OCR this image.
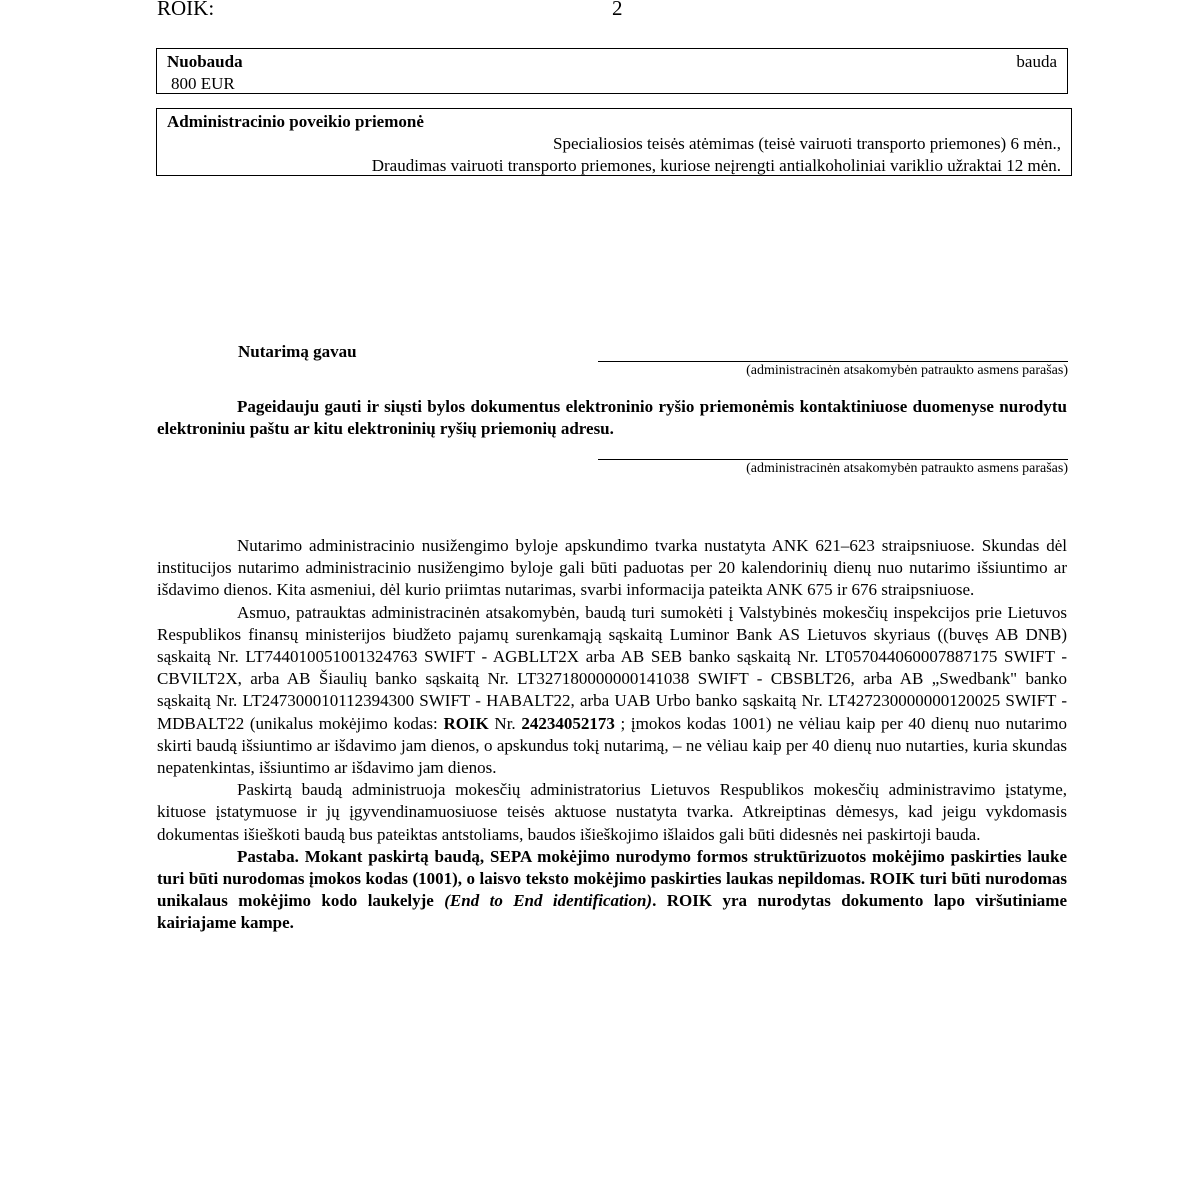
ROIK:	2
Nuobauda	bauda
800 EUR
Administracinio poveikio priemonė
Specialiosios teisės atėmimas (teisė vairuoti transporto priemones) 6 mėn.,
Draudimas vairuoti transporto priemones, kuriose neįrengti antialkoholiniai variklio užraktai 12 mėn.
Nutarimą gavau
(administracinėn atsakomybėn patraukto asmens parašas)

Pageidauju gauti ir siųsti bylos dokumentus elektroninio ryšio priemonėmis kontaktiniuose duomenyse nurodytu elektroniniu paštu ar kitu elektroninių ryšių priemonių adresu.

(administracinėn atsakomybėn patraukto asmens parašas)

Nutarimo administracinio nusižengimo byloje apskundimo tvarka nustatyta ANK 621–623 straipsniuose. Skundas dėl institucijos nutarimo administracinio nusižengimo byloje gali būti paduotas per 20 kalendorinių dienų nuo nutarimo išsiuntimo ar išdavimo dienos. Kita asmeniui, dėl kurio priimtas nutarimas, svarbi informacija pateikta ANK 675 ir 676 straipsniuose.

Asmuo, patrauktas administracinėn atsakomybėn, baudą turi sumokėti į Valstybinės mokesčių inspekcijos prie Lietuvos Respublikos finansų ministerijos biudžeto pajamų surenkamąją sąskaitą Luminor Bank AS Lietuvos skyriaus ((buvęs AB DNB) sąskaitą Nr. LT744010051001324763 SWIFT - AGBLLT2X arba AB SEB banko sąskaitą Nr. LT057044060007887175 SWIFT - CBVILT2X, arba AB Šiaulių banko sąskaitą Nr. LT327180000000141038 SWIFT - CBSBLT26, arba AB „Swedbank" banko sąskaitą Nr. LT247300010112394300 SWIFT - HABALT22, arba UAB Urbo banko sąskaitą Nr. LT427230000000120025 SWIFT - MDBALT22 (unikalus mokėjimo kodas: ROIK Nr. 24234052173 ; įmokos kodas 1001) ne vėliau kaip per 40 dienų nuo nutarimo skirti baudą išsiuntimo ar išdavimo jam dienos, o apskundus tokį nutarimą, – ne vėliau kaip per 40 dienų nuo nutarties, kuria skundas nepatenkintas, išsiuntimo ar išdavimo jam dienos.

Paskirtą baudą administruoja mokesčių administratorius Lietuvos Respublikos mokesčių administravimo įstatyme, kituose įstatymuose ir jų įgyvendinamuosiuose teisės aktuose nustatyta tvarka. Atkreiptinas dėmesys, kad jeigu vykdomasis dokumentas išieškoti baudą bus pateiktas antstoliams, baudos išieškojimo išlaidos gali būti didesnės nei paskirtoji bauda.

Pastaba. Mokant paskirtą baudą, SEPA mokėjimo nurodymo formos struktūrizuotos mokėjimo paskirties lauke turi būti nurodomas įmokos kodas (1001), o laisvo teksto mokėjimo paskirties laukas nepildomas. ROIK turi būti nurodomas unikalaus mokėjimo kodo laukelyje (End to End identification). ROIK yra nurodytas dokumento lapo viršutiniame kairiajame kampe.
